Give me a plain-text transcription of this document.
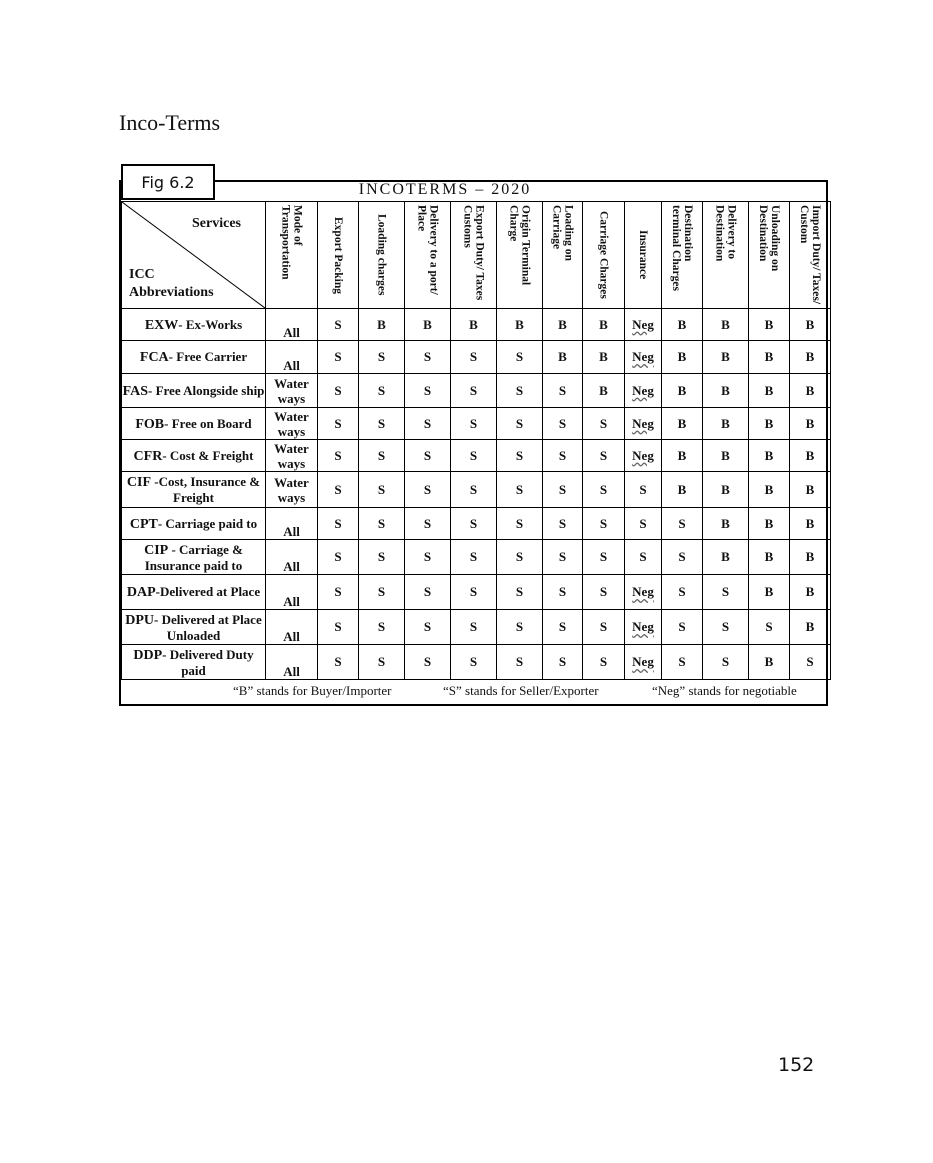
Inco-Terms
Fig 6.2	INCOTERMS – 2020
Services
ICC
Abbreviations	Mode of Transportation	Export Packing	Loading charges	Delivery to a port/ Place	Export Duty/ Taxes Customs	Origin Terminal Charge	Loading on Carriage	Carriage Charges	Insurance	Destination terminal Charges	Delivery to Destination	Unloading on Destination	Import Duty/ Taxes/ Custom

EXW- Ex-Works	All	S	B	B	B	B	B	B	Neg	B	B	B	B
FCA- Free Carrier	All	S	S	S	S	S	B	B	Neg	B	B	B	B
FAS- Free Alongside ship	Water ways	S	S	S	S	S	S	B	Neg	B	B	B	B
FOB- Free on Board	Water ways	S	S	S	S	S	S	S	Neg	B	B	B	B
CFR- Cost & Freight	Water ways	S	S	S	S	S	S	S	Neg	B	B	B	B
CIF -Cost, Insurance & Freight	Water ways	S	S	S	S	S	S	S	S	B	B	B	B
CPT- Carriage paid to	All	S	S	S	S	S	S	S	S	S	B	B	B
CIP - Carriage & Insurance paid to	All	S	S	S	S	S	S	S	S	S	B	B	B
DAP-Delivered at Place	All	S	S	S	S	S	S	S	Neg	S	S	B	B
DPU- Delivered at Place Unloaded	All	S	S	S	S	S	S	S	Neg	S	S	S	B
DDP- Delivered Duty paid	All	S	S	S	S	S	S	S	Neg	S	S	B	S
“B” stands for Buyer/Importer	“S” stands for Seller/Exporter	“Neg” stands for negotiable
152
